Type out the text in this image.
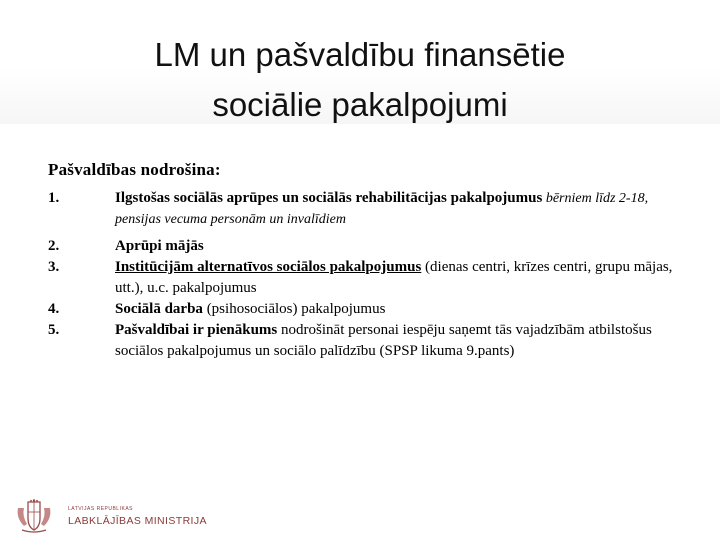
LM un pašvaldību finansētie
sociālie pakalpojumi
Pašvaldības nodrošina:
1.	Ilgstošas sociālās aprūpes un sociālās rehabilitācijas pakalpojumus bērniem līdz 2-18, pensijas vecuma personām un invalīdiem
2.	Aprūpi mājās
3.	Institūcijām alternatīvos sociālos pakalpojumus (dienas centri, krīzes centri, grupu mājas, utt.), u.c. pakalpojumus
4.	Sociālā darba (psihosociālos) pakalpojumus
5.	Pašvaldībai ir pienākums nodrošināt personai iespēju saņemt tās vajadzībām atbilstošus sociālos pakalpojumus un sociālo palīdzību (SPSP likuma 9.pants)
LATVIJAS REPUBLIKAS
LABKLĀJĪBAS MINISTRIJA
